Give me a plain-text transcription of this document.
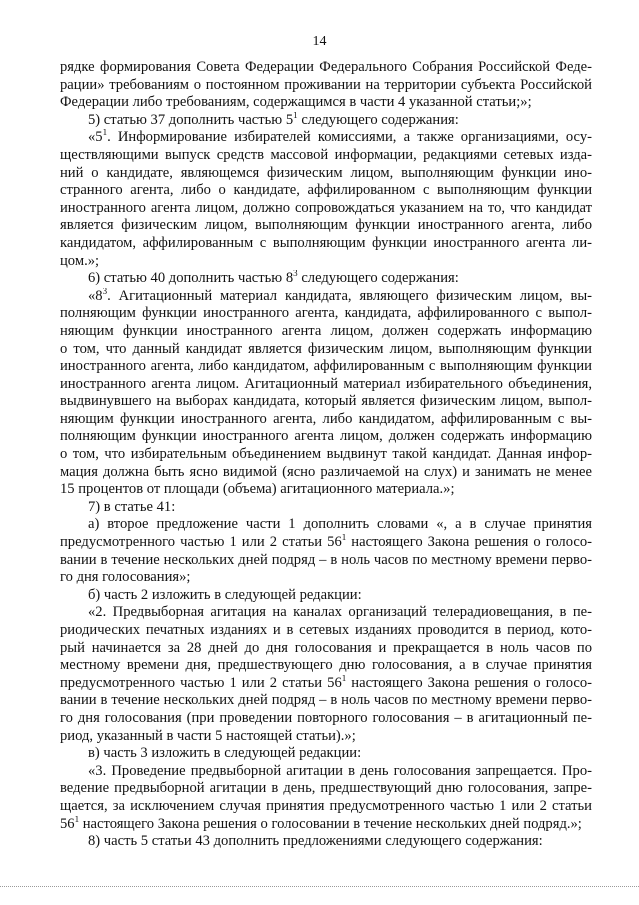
14
рядке формирования Совета Федерации Федерального Собрания Российской Феде-
рации» требованиям о постоянном проживании на территории субъекта Российской
Федерации либо требованиям, содержащимся в части 4 указанной статьи;»;
5) статью 37 дополнить частью $5^1$ следующего содержания:
«$5^1$. Информирование избирателей комиссиями, а также организациями, осу-
ществляющими выпуск средств массовой информации, редакциями сетевых изда-
ний о кандидате, являющемся физическим лицом, выполняющим функции ино-
странного агента, либо о кандидате, аффилированном с выполняющим функции
иностранного агента лицом, должно сопровождаться указанием на то, что кандидат
является физическим лицом, выполняющим функции иностранного агента, либо
кандидатом, аффилированным с выполняющим функции иностранного агента ли-
цом.»;
6) статью 40 дополнить частью $8^3$ следующего содержания:
«$8^3$. Агитационный материал кандидата, являющего физическим лицом, вы-
полняющим функции иностранного агента, кандидата, аффилированного с выпол-
няющим функции иностранного агента лицом, должен содержать информацию
о том, что данный кандидат является физическим лицом, выполняющим функции
иностранного агента, либо кандидатом, аффилированным с выполняющим функции
иностранного агента лицом. Агитационный материал избирательного объединения,
выдвинувшего на выборах кандидата, который является физическим лицом, выпол-
няющим функции иностранного агента, либо кандидатом, аффилированным с вы-
полняющим функции иностранного агента лицом, должен содержать информацию
о том, что избирательным объединением выдвинут такой кандидат. Данная инфор-
мация должна быть ясно видимой (ясно различаемой на слух) и занимать не менее
15 процентов от площади (объема) агитационного материала.»;
7) в статье 41:
а) второе предложение части 1 дополнить словами «, а в случае принятия
предусмотренного частью 1 или 2 статьи $56^1$ настоящего Закона решения о голосо-
вании в течение нескольких дней подряд – в ноль часов по местному времени перво-
го дня голосования»;
б) часть 2 изложить в следующей редакции:
«2. Предвыборная агитация на каналах организаций телерадиовещания, в пе-
риодических печатных изданиях и в сетевых изданиях проводится в период, кото-
рый начинается за 28 дней до дня голосования и прекращается в ноль часов по
местному времени дня, предшествующего дню голосования, а в случае принятия
предусмотренного частью 1 или 2 статьи $56^1$ настоящего Закона решения о голосо-
вании в течение нескольких дней подряд – в ноль часов по местному времени перво-
го дня голосования (при проведении повторного голосования – в агитационный пе-
риод, указанный в части 5 настоящей статьи).»;
в) часть 3 изложить в следующей редакции:
«3. Проведение предвыборной агитации в день голосования запрещается. Про-
ведение предвыборной агитации в день, предшествующий дню голосования, запре-
щается, за исключением случая принятия предусмотренного частью 1 или 2 статьи
$56^1$ настоящего Закона решения о голосовании в течение нескольких дней подряд.»;
8) часть 5 статьи 43 дополнить предложениями следующего содержания:
